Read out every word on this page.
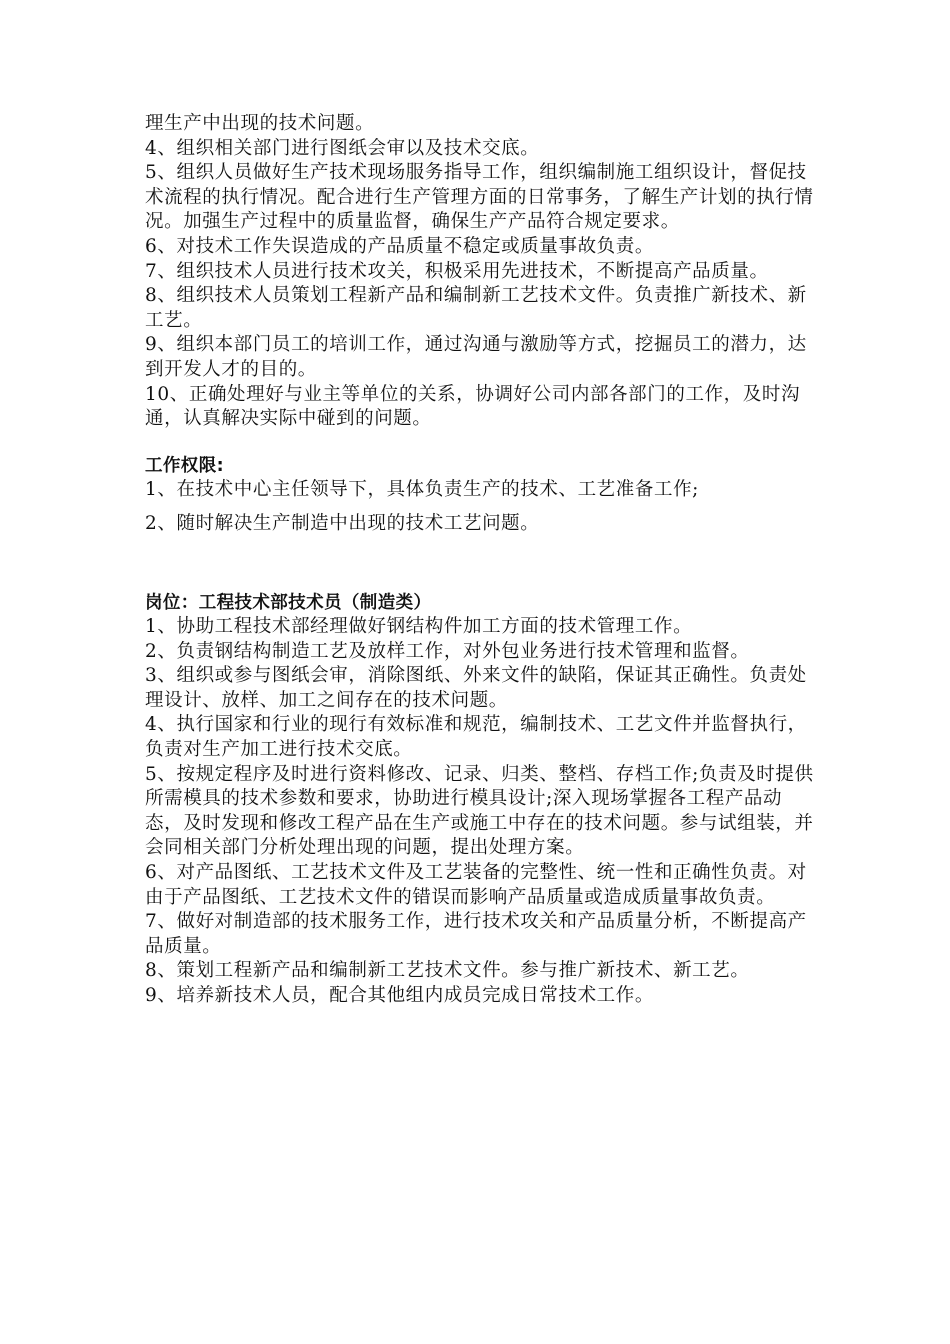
理生产中出现的技术问题。

4、组织相关部门进行图纸会审以及技术交底。

5、组织人员做好生产技术现场服务指导工作，组织编制施工组织设计，督促技术流程的执行情况。配合进行生产管理方面的日常事务，了解生产计划的执行情况。加强生产过程中的质量监督，确保生产产品符合规定要求。

6、对技术工作失误造成的产品质量不稳定或质量事故负责。

7、组织技术人员进行技术攻关，积极采用先进技术，不断提高产品质量。

8、组织技术人员策划工程新产品和编制新工艺技术文件。负责推广新技术、新工艺。

9、组织本部门员工的培训工作，通过沟通与激励等方式，挖掘员工的潜力，达到开发人才的目的。

10、正确处理好与业主等单位的关系，协调好公司内部各部门的工作，及时沟通，认真解决实际中碰到的问题。

工作权限:

1、在技术中心主任领导下，具体负责生产的技术、工艺准备工作;

2、随时解决生产制造中出现的技术工艺问题。

岗位：工程技术部技术员（制造类）

1、协助工程技术部经理做好钢结构件加工方面的技术管理工作。

2、负责钢结构制造工艺及放样工作，对外包业务进行技术管理和监督。

3、组织或参与图纸会审，消除图纸、外来文件的缺陷，保证其正确性。负责处理设计、放样、加工之间存在的技术问题。

4、执行国家和行业的现行有效标准和规范，编制技术、工艺文件并监督执行，负责对生产加工进行技术交底。

5、按规定程序及时进行资料修改、记录、归类、整档、存档工作;负责及时提供所需模具的技术参数和要求，协助进行模具设计;深入现场掌握各工程产品动态，及时发现和修改工程产品在生产或施工中存在的技术问题。参与试组装，并会同相关部门分析处理出现的问题，提出处理方案。

6、对产品图纸、工艺技术文件及工艺装备的完整性、统一性和正确性负责。对由于产品图纸、工艺技术文件的错误而影响产品质量或造成质量事故负责。

7、做好对制造部的技术服务工作，进行技术攻关和产品质量分析，不断提高产品质量。

8、策划工程新产品和编制新工艺技术文件。参与推广新技术、新工艺。

9、培养新技术人员，配合其他组内成员完成日常技术工作。
